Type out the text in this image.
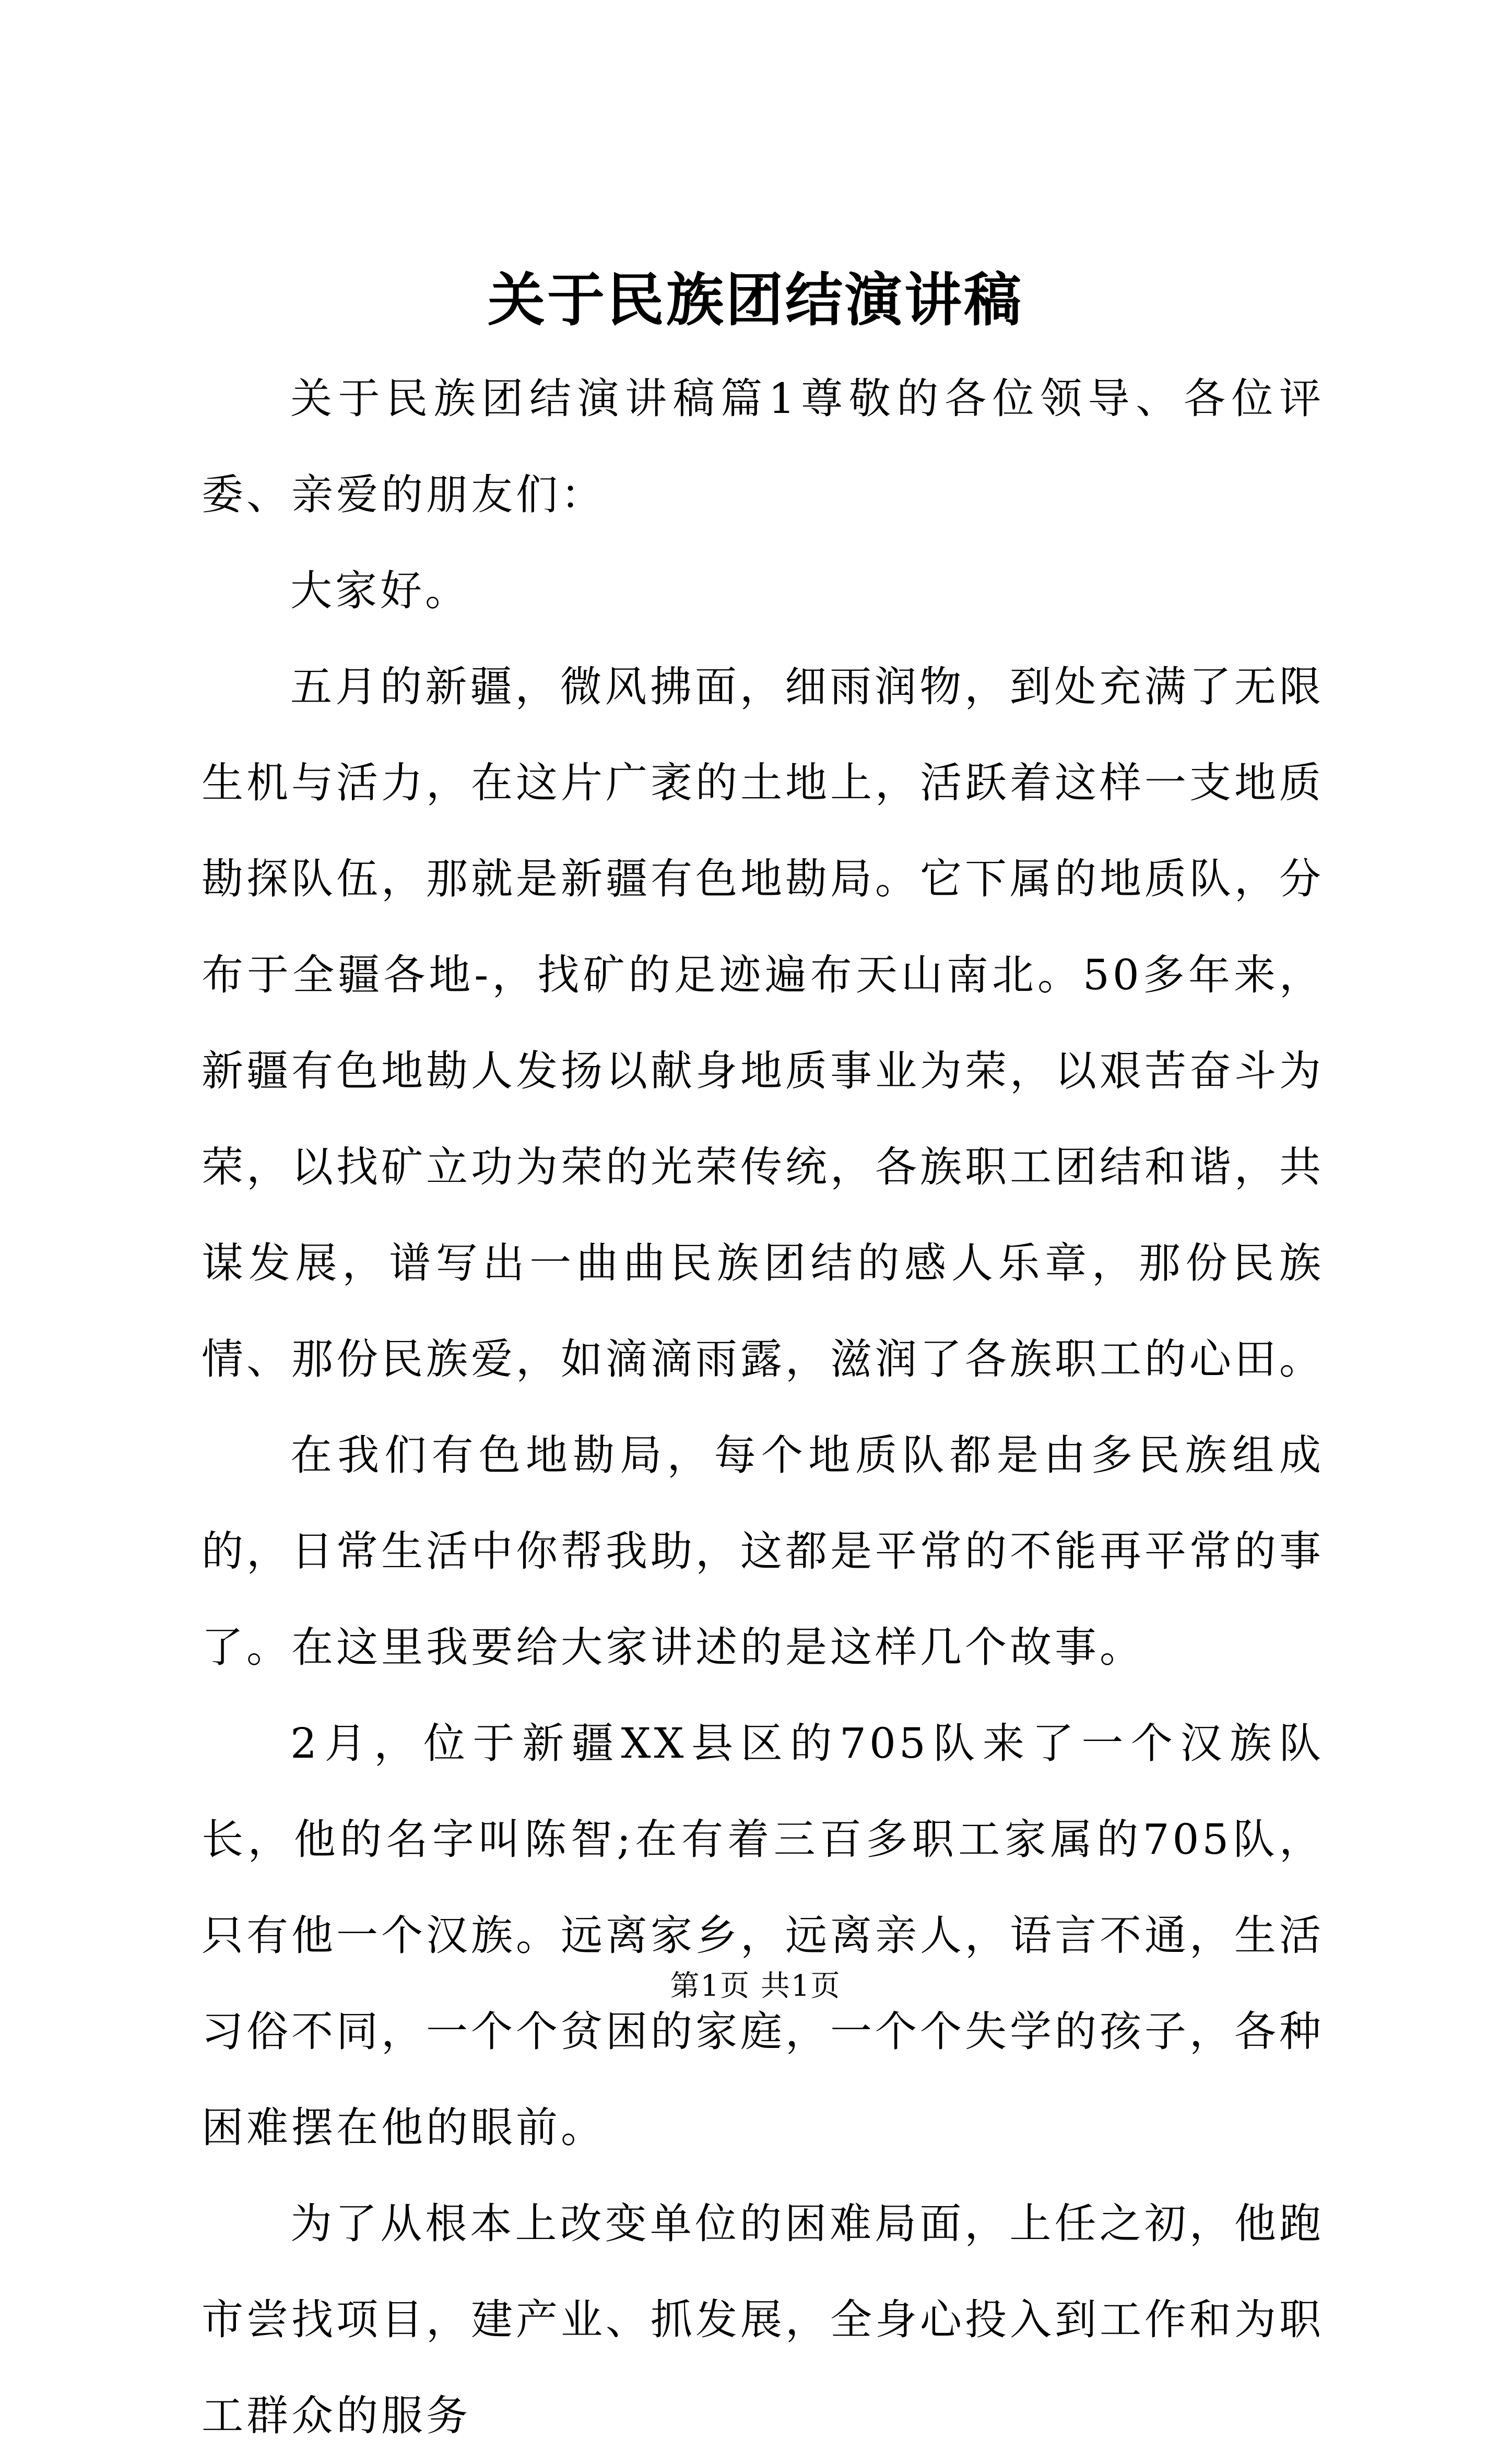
关于民族团结演讲稿

关于民族团结演讲稿篇1尊敬的各位领导、各位评委、亲爱的朋友们：

大家好。

五月的新疆，微风拂面，细雨润物，到处充满了无限生机与活力，在这片广袤的土地上，活跃着这样一支地质勘探队伍，那就是新疆有色地勘局。它下属的地质队，分布于全疆各地-，找矿的足迹遍布天山南北。50多年来，新疆有色地勘人发扬以献身地质事业为荣，以艰苦奋斗为荣，以找矿立功为荣的光荣传统，各族职工团结和谐，共谋发展，谱写出一曲曲民族团结的感人乐章，那份民族情、那份民族爱，如滴滴雨露，滋润了各族职工的心田。

在我们有色地勘局，每个地质队都是由多民族组成的，日常生活中你帮我助，这都是平常的不能再平常的事了。在这里我要给大家讲述的是这样几个故事。

2月，位于新疆XX县区的705队来了一个汉族队长，他的名字叫陈智;在有着三百多职工家属的705队，只有他一个汉族。远离家乡，远离亲人，语言不通，生活习俗不同，一个个贫困的家庭，一个个失学的孩子，各种困难摆在他的眼前。

为了从根本上改变单位的困难局面，上任之初，他跑市尝找项目，建产业、抓发展，全身心投入到工作和为职工群众的服务

第1页 共1页
